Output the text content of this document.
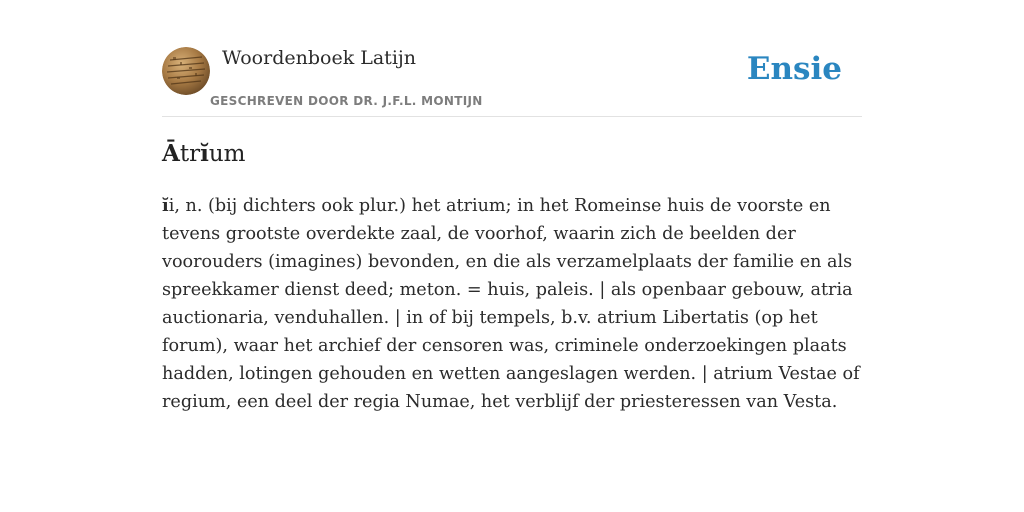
Woordenboek Latijn
GESCHREVEN DOOR DR. J.F.L. MONTIJN
Ensie
Ātrĭum

ĭi, n. (bij dichters ook plur.) het atrium; in het Romeinse huis de voorste en tevens grootste overdekte zaal, de voorhof, waarin zich de beelden der voorouders (imagines) bevonden, en die als verzamelplaats der familie en als spreekkamer dienst deed; meton. = huis, paleis. | als openbaar gebouw, atria auctionaria, venduhallen. | in of bij tempels, b.v. atrium Libertatis (op het forum), waar het archief der censoren was, criminele onderzoekingen plaats hadden, lotingen gehouden en wetten aangeslagen werden. | atrium Vestae of regium, een deel der regia Numae, het verblijf der priesteressen van Vesta.
